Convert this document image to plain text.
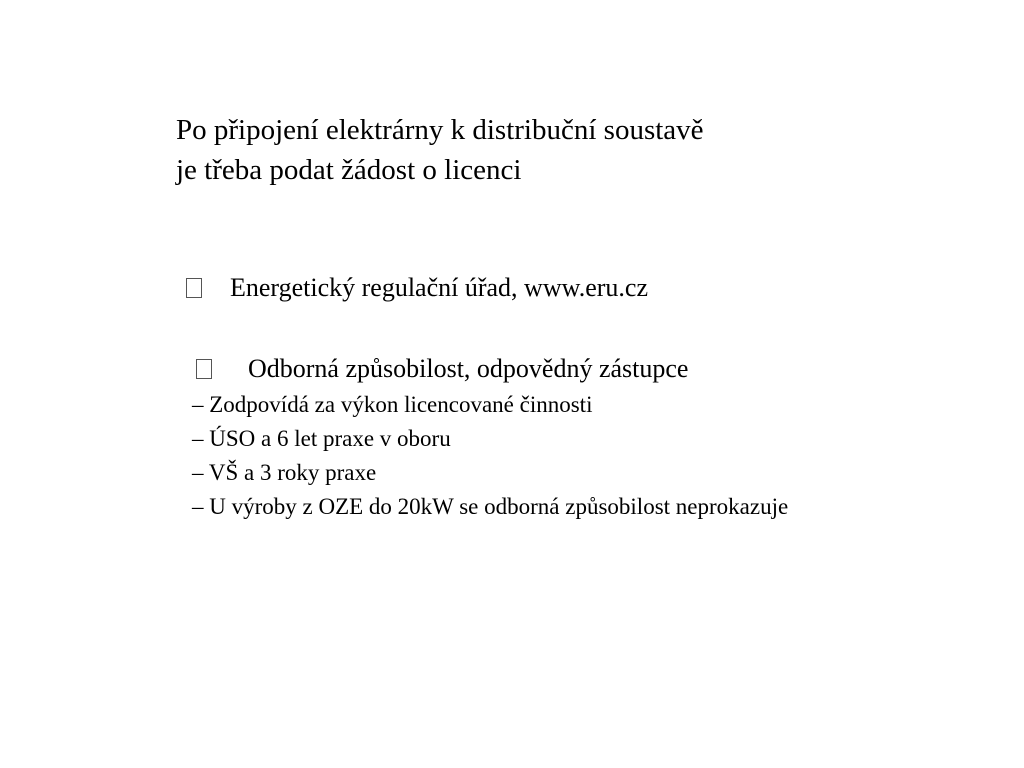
Po připojení elektrárny k distribuční soustavě
je třeba podat žádost o licenci
Energetický regulační úřad, www.eru.cz
Odborná způsobilost, odpovědný zástupce
– Zodpovídá za výkon licencované činnosti
– ÚSO a 6 let praxe v oboru
– VŠ a 3 roky praxe
– U výroby z OZE do 20kW se odborná způsobilost neprokazuje
